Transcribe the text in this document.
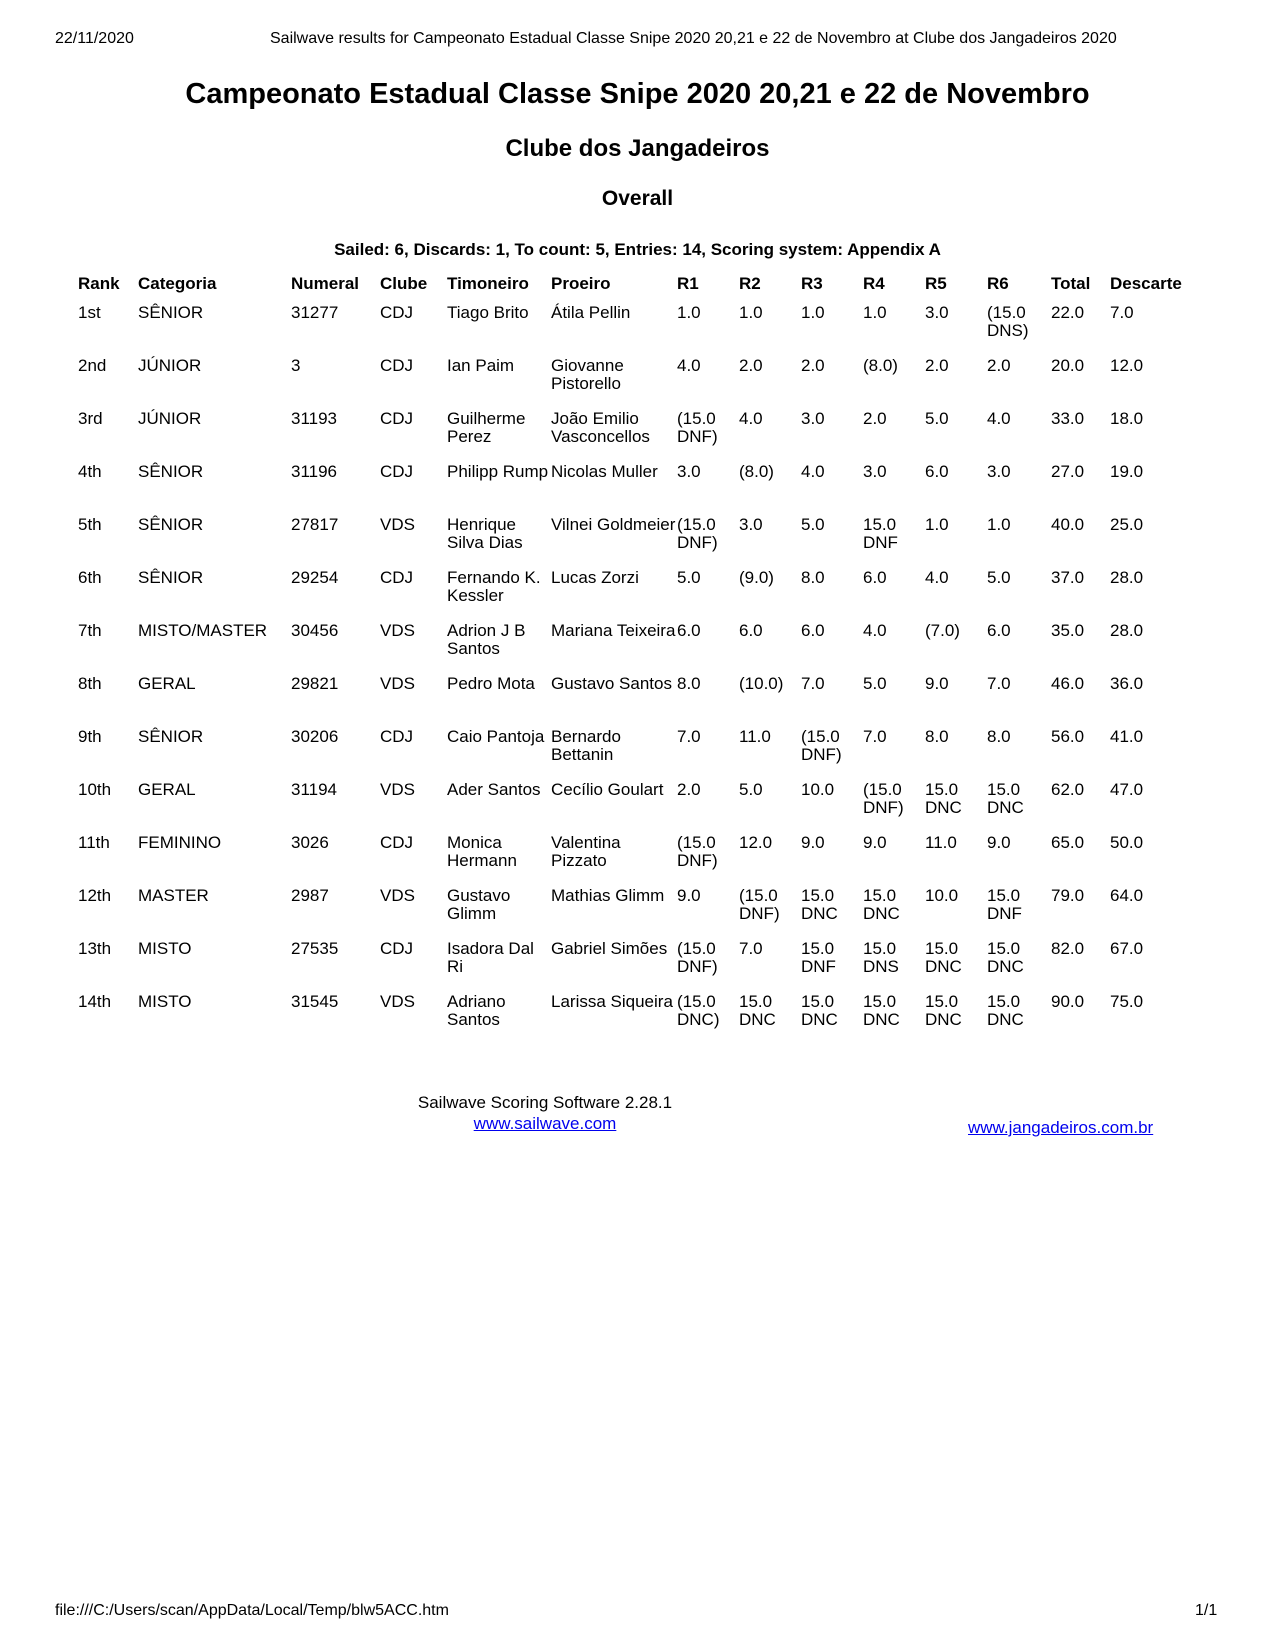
22/11/2020	Sailwave results for Campeonato Estadual Classe Snipe 2020 20,21 e 22 de Novembro at Clube dos Jangadeiros 2020
Campeonato Estadual Classe Snipe 2020 20,21 e 22 de Novembro
Clube dos Jangadeiros
Overall
Sailed: 6, Discards: 1, To count: 5, Entries: 14, Scoring system: Appendix A
Rank	Categoria	Numeral	Clube	Timoneiro	Proeiro	R1	R2	R3	R4	R5	R6	Total	Descarte
1st	SÊNIOR	31277	CDJ	Tiago Brito	Átila Pellin	1.0	1.0	1.0	1.0	3.0	(15.0 DNS)	22.0	7.0
2nd	JÚNIOR	3	CDJ	Ian Paim	Giovanne Pistorello	4.0	2.0	2.0	(8.0)	2.0	2.0	20.0	12.0
3rd	JÚNIOR	31193	CDJ	Guilherme Perez	João Emilio Vasconcellos	(15.0 DNF)	4.0	3.0	2.0	5.0	4.0	33.0	18.0
4th	SÊNIOR	31196	CDJ	Philipp Rump	Nicolas Muller	3.0	(8.0)	4.0	3.0	6.0	3.0	27.0	19.0
5th	SÊNIOR	27817	VDS	Henrique Silva Dias	Vilnei Goldmeier	(15.0 DNF)	3.0	5.0	15.0 DNF	1.0	1.0	40.0	25.0
6th	SÊNIOR	29254	CDJ	Fernando K. Kessler	Lucas Zorzi	5.0	(9.0)	8.0	6.0	4.0	5.0	37.0	28.0
7th	MISTO/MASTER	30456	VDS	Adrion J B Santos	Mariana Teixeira	6.0	6.0	6.0	4.0	(7.0)	6.0	35.0	28.0
8th	GERAL	29821	VDS	Pedro Mota	Gustavo Santos	8.0	(10.0)	7.0	5.0	9.0	7.0	46.0	36.0
9th	SÊNIOR	30206	CDJ	Caio Pantoja	Bernardo Bettanin	7.0	11.0	(15.0 DNF)	7.0	8.0	8.0	56.0	41.0
10th	GERAL	31194	VDS	Ader Santos	Cecílio Goulart	2.0	5.0	10.0	(15.0 DNF)	15.0 DNC	15.0 DNC	62.0	47.0
11th	FEMININO	3026	CDJ	Monica Hermann	Valentina Pizzato	(15.0 DNF)	12.0	9.0	9.0	11.0	9.0	65.0	50.0
12th	MASTER	2987	VDS	Gustavo Glimm	Mathias Glimm	9.0	(15.0 DNF)	15.0 DNC	15.0 DNC	10.0	15.0 DNF	79.0	64.0
13th	MISTO	27535	CDJ	Isadora Dal Ri	Gabriel Simões	(15.0 DNF)	7.0	15.0 DNF	15.0 DNS	15.0 DNC	15.0 DNC	82.0	67.0
14th	MISTO	31545	VDS	Adriano Santos	Larissa Siqueira	(15.0 DNC)	15.0 DNC	15.0 DNC	15.0 DNC	15.0 DNC	15.0 DNC	90.0	75.0
Sailwave Scoring Software 2.28.1
www.sailwave.com	www.jangadeiros.com.br
file:///C:/Users/scan/AppData/Local/Temp/blw5ACC.htm	1/1
